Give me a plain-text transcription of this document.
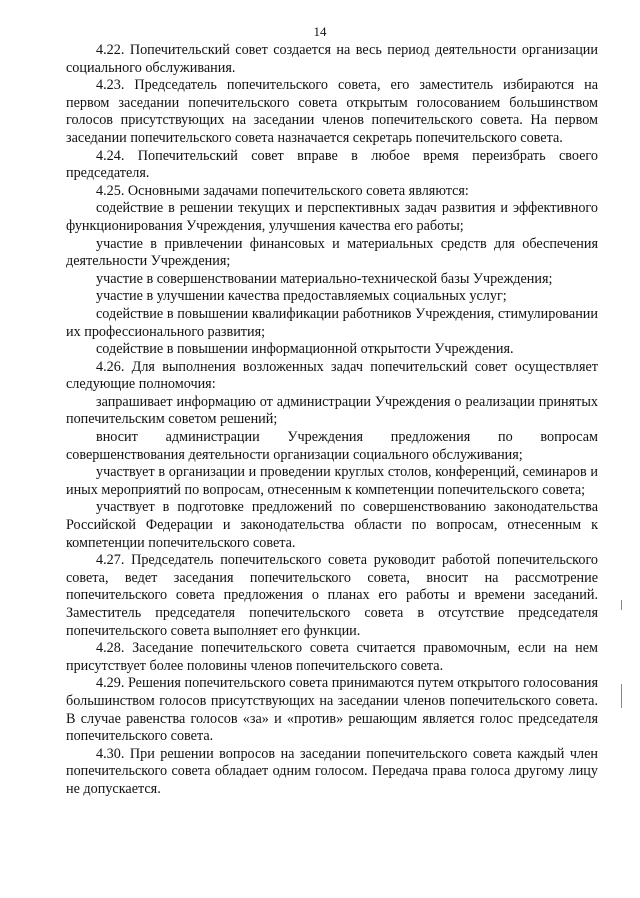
14

4.22. Попечительский совет создается на весь период деятельности организации социального обслуживания.

4.23. Председатель попечительского совета, его заместитель избираются на первом заседании попечительского совета открытым голосованием большинством голосов присутствующих на заседании членов попечительского совета. На первом заседании попечительского совета назначается секретарь попечительского совета.

4.24. Попечительский совет вправе в любое время переизбрать своего председателя.

4.25. Основными задачами попечительского совета являются:

содействие в решении текущих и перспективных задач развития и эффективного функционирования Учреждения, улучшения качества его работы;

участие в привлечении финансовых и материальных средств для обеспечения деятельности Учреждения;

участие в совершенствовании материально-технической базы Учреждения;

участие в улучшении качества предоставляемых социальных услуг;

содействие в повышении квалификации работников Учреждения, стимулировании их профессионального развития;

содействие в повышении информационной открытости Учреждения.

4.26. Для выполнения возложенных задач попечительский совет осуществляет следующие полномочия:

запрашивает информацию от администрации Учреждения о реализации принятых попечительским советом решений;

вносит администрации Учреждения предложения по вопросам совершенствования деятельности организации социального обслуживания;

участвует в организации и проведении круглых столов, конференций, семинаров и иных мероприятий по вопросам, отнесенным к компетенции попечительского совета;

участвует в подготовке предложений по совершенствованию законодательства Российской Федерации и законодательства области по вопросам, отнесенным к компетенции попечительского совета.

4.27. Председатель попечительского совета руководит работой попечительского совета, ведет заседания попечительского совета, вносит на рассмотрение попечительского совета предложения о планах его работы и времени заседаний. Заместитель председателя попечительского совета в отсутствие председателя попечительского совета выполняет его функции.

4.28. Заседание попечительского совета считается правомочным, если на нем присутствует более половины членов попечительского совета.

4.29. Решения попечительского совета принимаются путем открытого голосования большинством голосов присутствующих на заседании членов попечительского совета. В случае равенства голосов «за» и «против» решающим является голос председателя попечительского совета.

4.30. При решении вопросов на заседании попечительского совета каждый член попечительского совета обладает одним голосом. Передача права голоса другому лицу не допускается.
